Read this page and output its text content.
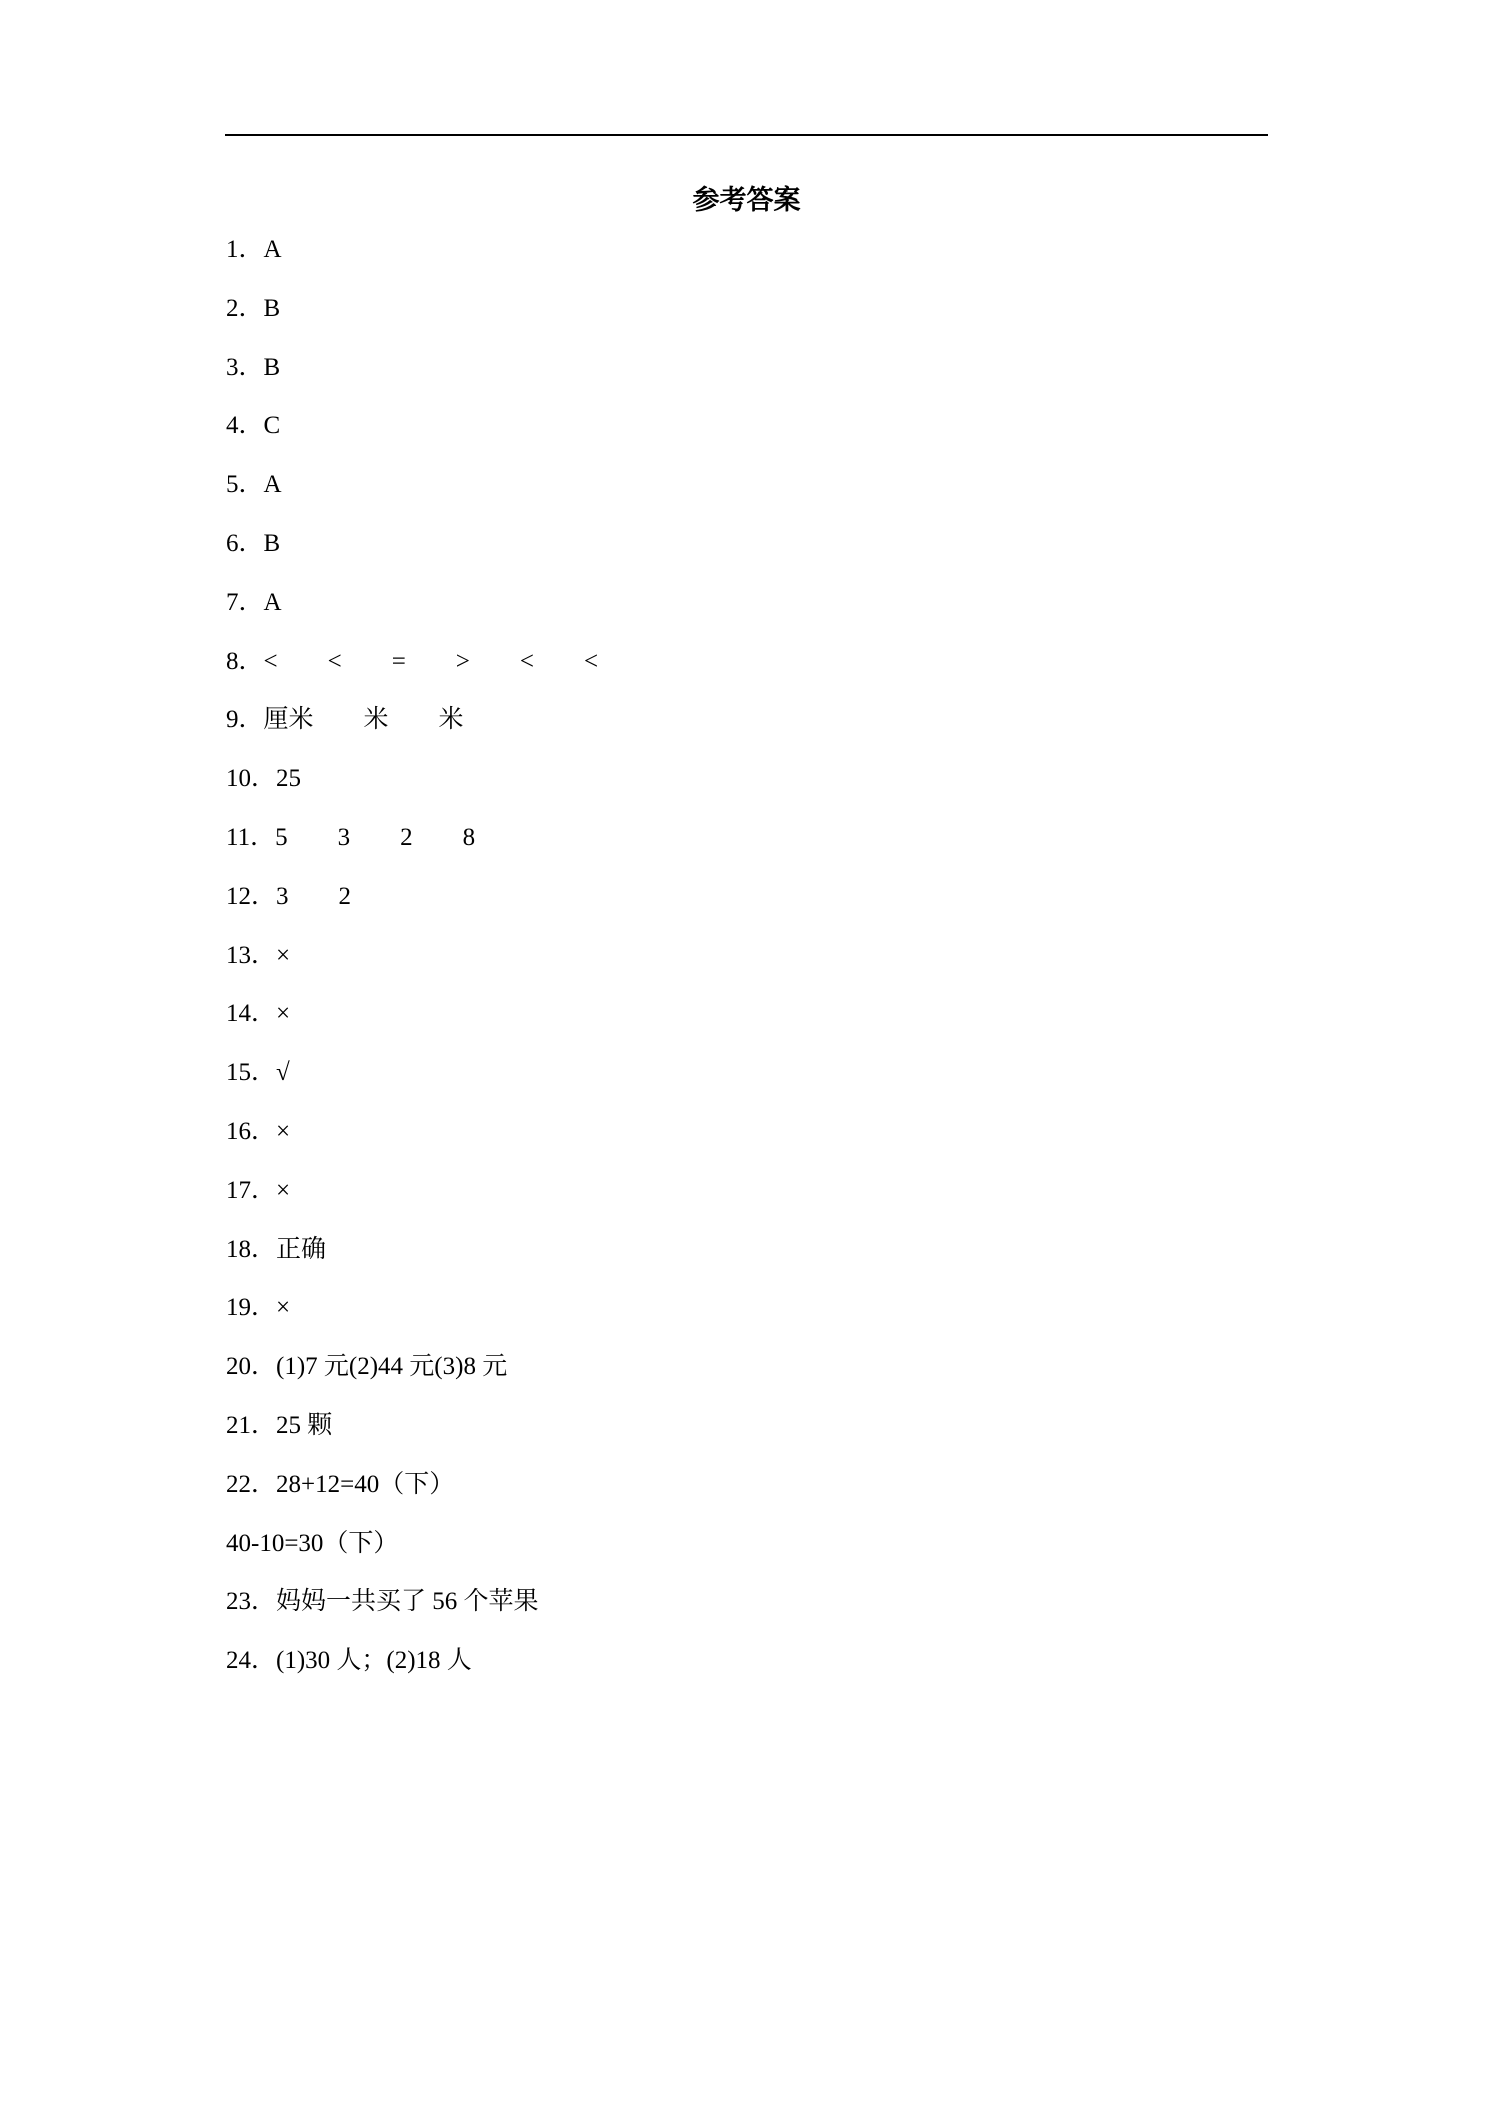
参考答案
1．A
2．B
3．B
4．C
5．A
6．B
7．A
8．<　　<　　=　　>　　<　　<
9．厘米　　米　　米
10．25
11．5　　3　　2　　8
12．3　　2
13．×
14．×
15．√
16．×
17．×
18．正确
19．×
20．(1)7 元(2)44 元(3)8 元
21．25 颗
22．28+12=40（下）
40-10=30（下）
23．妈妈一共买了 56 个苹果
24．(1)30 人；(2)18 人
